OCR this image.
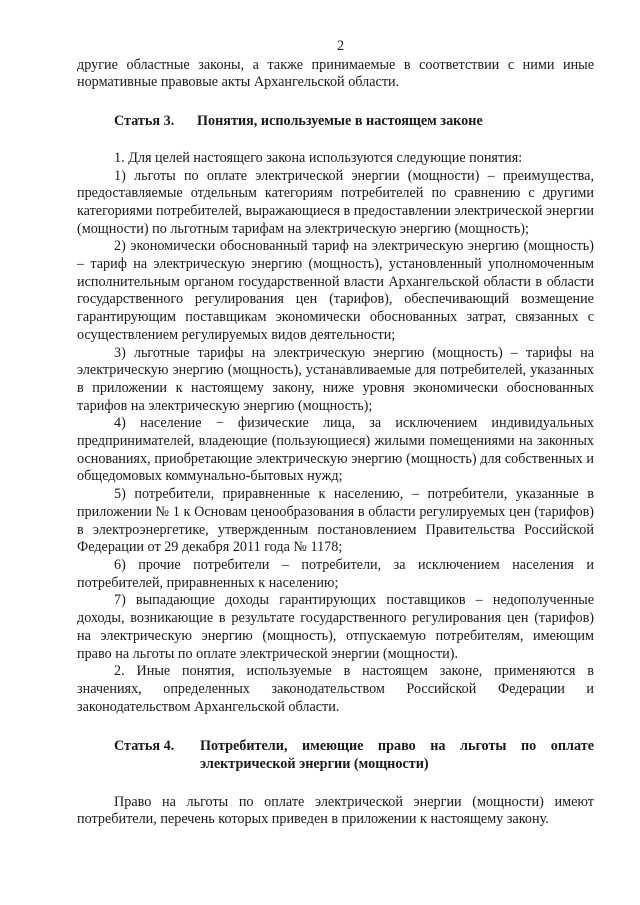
2

другие областные законы, а также принимаемые в соответствии с ними иные нормативные правовые акты Архангельской области.

Статья 3.	Понятия, используемые в настоящем законе

1. Для целей настоящего закона используются следующие понятия:

1) льготы по оплате электрической энергии (мощности) – преимущества, предоставляемые отдельным категориям потребителей по сравнению с другими категориями потребителей, выражающиеся в предоставлении электрической энергии (мощности) по льготным тарифам на электрическую энергию (мощность);

2) экономически обоснованный тариф на электрическую энергию (мощность) – тариф на электрическую энергию (мощность), установленный уполномоченным исполнительным органом государственной власти Архангельской области в области государственного регулирования цен (тарифов), обеспечивающий возмещение гарантирующим поставщикам экономически обоснованных затрат, связанных с осуществлением регулируемых видов деятельности;

3) льготные тарифы на электрическую энергию (мощность) – тарифы на электрическую энергию (мощность), устанавливаемые для потребителей, указанных в приложении к настоящему закону, ниже уровня экономически обоснованных тарифов на электрическую энергию (мощность);

4) население − физические лица, за исключением индивидуальных предпринимателей, владеющие (пользующиеся) жилыми помещениями на законных основаниях, приобретающие электрическую энергию (мощность) для собственных и общедомовых коммунально-бытовых нужд;

5) потребители, приравненные к населению, – потребители, указанные в приложении № 1 к Основам ценообразования в области регулируемых цен (тарифов) в электроэнергетике, утвержденным постановлением Правительства Российской Федерации от 29 декабря 2011 года № 1178;

6) прочие потребители – потребители, за исключением населения и потребителей, приравненных к населению;

7) выпадающие доходы гарантирующих поставщиков – недополученные доходы, возникающие в результате государственного регулирования цен (тарифов) на электрическую энергию (мощность), отпускаемую потребителям, имеющим право на льготы по оплате электрической энергии (мощности).

2. Иные понятия, используемые в настоящем законе, применяются в значениях, определенных законодательством Российской Федерации и законодательством Архангельской области.

Статья 4.	Потребители, имеющие право на льготы по оплате электрической энергии (мощности)

Право на льготы по оплате электрической энергии (мощности) имеют потребители, перечень которых приведен в приложении к настоящему закону.
